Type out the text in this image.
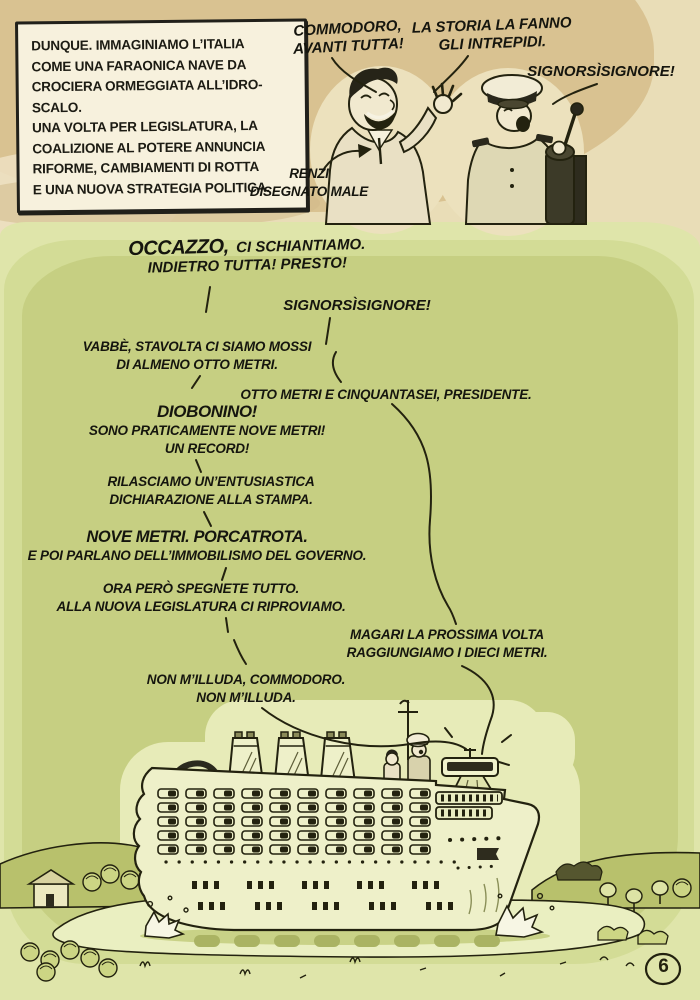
DUNQUE. IMMAGINIAMO L’ITALIA
COME UNA FARAONICA NAVE DA
CROCIERA ORMEGGIATA ALL’IDRO-
SCALO.
UNA VOLTA PER LEGISLATURA, LA
COALIZIONE AL POTERE ANNUNCIA
RIFORME, CAMBIAMENTI DI ROTTA
E UNA NUOVA STRATEGIA POLITICA.
COMMODORO,
AVANTI TUTTA!
LA STORIA LA FANNO
GLI INTREPIDI.
SIGNORSÌSIGNORE!
RENZI
DISEGNATO MALE
OCCAZZO, CI SCHIANTIAMO.
INDIETRO TUTTA! PRESTO!
SIGNORSÌSIGNORE!
VABBÈ, STAVOLTA CI SIAMO MOSSI
DI ALMENO OTTO METRI.
OTTO METRI E CINQUANTASEI, PRESIDENTE.
DIOBONINO!
SONO PRATICAMENTE NOVE METRI!
UN RECORD!
RILASCIAMO UN’ENTUSIASTICA
DICHIARAZIONE ALLA STAMPA.
NOVE METRI. PORCATROTA.
E POI PARLANO DELL’IMMOBILISMO DEL GOVERNO.
ORA PERÒ SPEGNETE TUTTO.
ALLA NUOVA LEGISLATURA CI RIPROVIAMO.
MAGARI LA PROSSIMA VOLTA
RAGGIUNGIAMO I DIECI METRI.
NON M’ILLUDA, COMMODORO.
NON M’ILLUDA.
6
